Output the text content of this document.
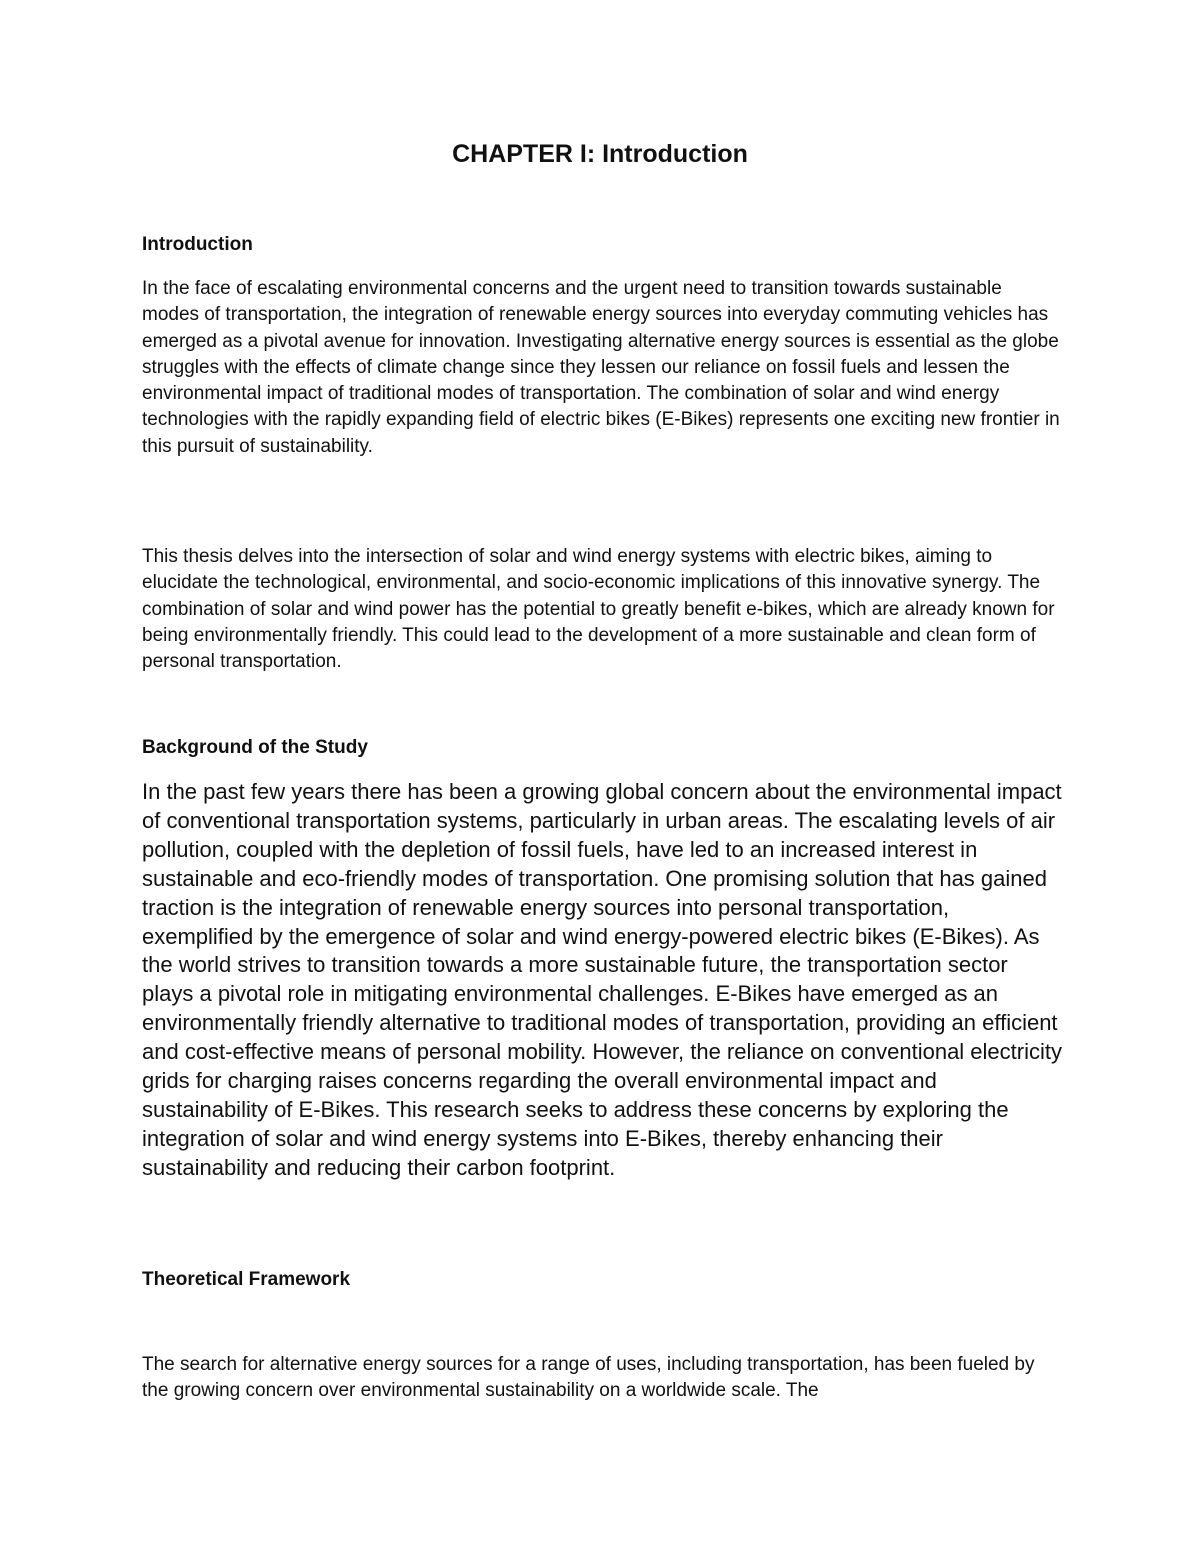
CHAPTER I: Introduction
Introduction

In the face of escalating environmental concerns and the urgent need to transition towards sustainable modes of transportation, the integration of renewable energy sources into everyday commuting vehicles has emerged as a pivotal avenue for innovation. Investigating alternative energy sources is essential as the globe struggles with the effects of climate change since they lessen our reliance on fossil fuels and lessen the environmental impact of traditional modes of transportation. The combination of solar and wind energy technologies with the rapidly expanding field of electric bikes (E-Bikes) represents one exciting new frontier in this pursuit of sustainability.

This thesis delves into the intersection of solar and wind energy systems with electric bikes, aiming to elucidate the technological, environmental, and socio-economic implications of this innovative synergy. The combination of solar and wind power has the potential to greatly benefit e-bikes, which are already known for being environmentally friendly. This could lead to the development of a more sustainable and clean form of personal transportation.

Background of the Study

In the past few years there has been a growing global concern about the environmental impact of conventional transportation systems, particularly in urban areas. The escalating levels of air pollution, coupled with the depletion of fossil fuels, have led to an increased interest in sustainable and eco-friendly modes of transportation. One promising solution that has gained traction is the integration of renewable energy sources into personal transportation, exemplified by the emergence of solar and wind energy-powered electric bikes (E-Bikes). As the world strives to transition towards a more sustainable future, the transportation sector plays a pivotal role in mitigating environmental challenges. E-Bikes have emerged as an environmentally friendly alternative to traditional modes of transportation, providing an efficient and cost-effective means of personal mobility. However, the reliance on conventional electricity grids for charging raises concerns regarding the overall environmental impact and sustainability of E-Bikes. This research seeks to address these concerns by exploring the integration of solar and wind energy systems into E-Bikes, thereby enhancing their sustainability and reducing their carbon footprint.

Theoretical Framework

The search for alternative energy sources for a range of uses, including transportation, has been fueled by the growing concern over environmental sustainability on a worldwide scale. The
